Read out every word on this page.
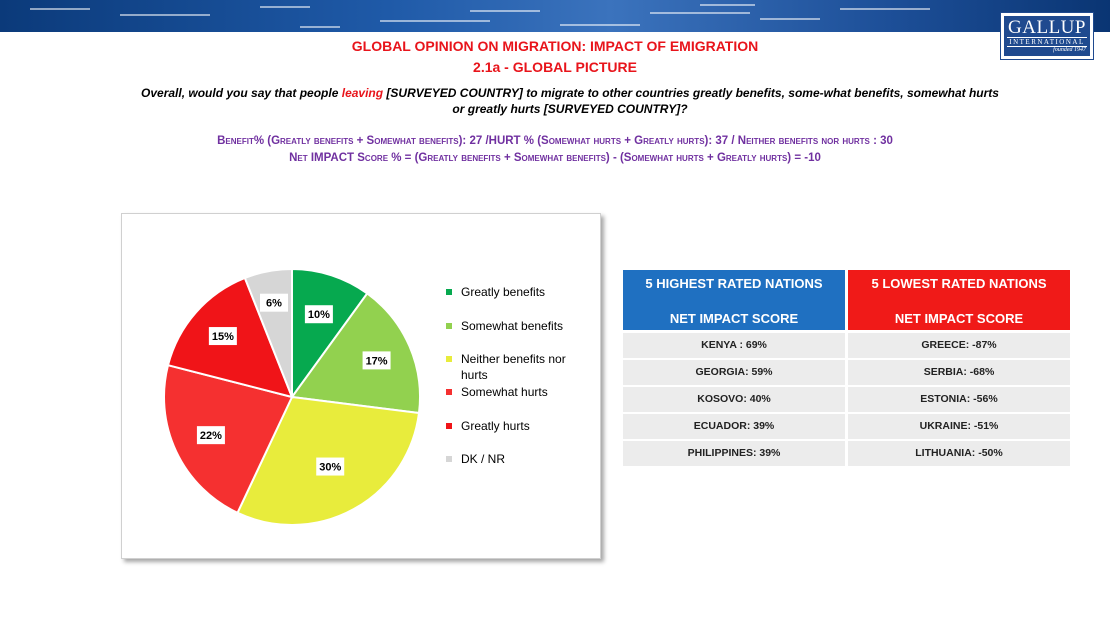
GALLUP
INTERNATIONAL
founded 1947
GLOBAL OPINION ON MIGRATION: IMPACT OF EMIGRATION
2.1a - GLOBAL PICTURE
Overall, would you say that people leaving [SURVEYED COUNTRY] to migrate to other countries greatly benefits, some-what benefits, somewhat hurts or greatly hurts [SURVEYED COUNTRY]?
Benefit% (Greatly benefits + Somewhat benefits): 27 /HURT % (Somewhat hurts + Greatly hurts): 37 / Neither benefits nor hurts : 30
Net IMPACT Score % = (Greatly benefits + Somewhat benefits) - (Somewhat hurts + Greatly hurts) = -10
10%
17%
30%
22%
15%
6%
Greatly benefits
Somewhat benefits
Neither benefits nor hurts
Somewhat hurts
Greatly hurts
DK / NR
5 HIGHEST RATED NATIONS
NET IMPACT SCORE
KENYA : 69%
GEORGIA: 59%
KOSOVO: 40%
ECUADOR: 39%
PHILIPPINES: 39%
5 LOWEST RATED NATIONS
NET IMPACT SCORE
GREECE: -87%
SERBIA: -68%
ESTONIA: -56%
UKRAINE: -51%
LITHUANIA: -50%
